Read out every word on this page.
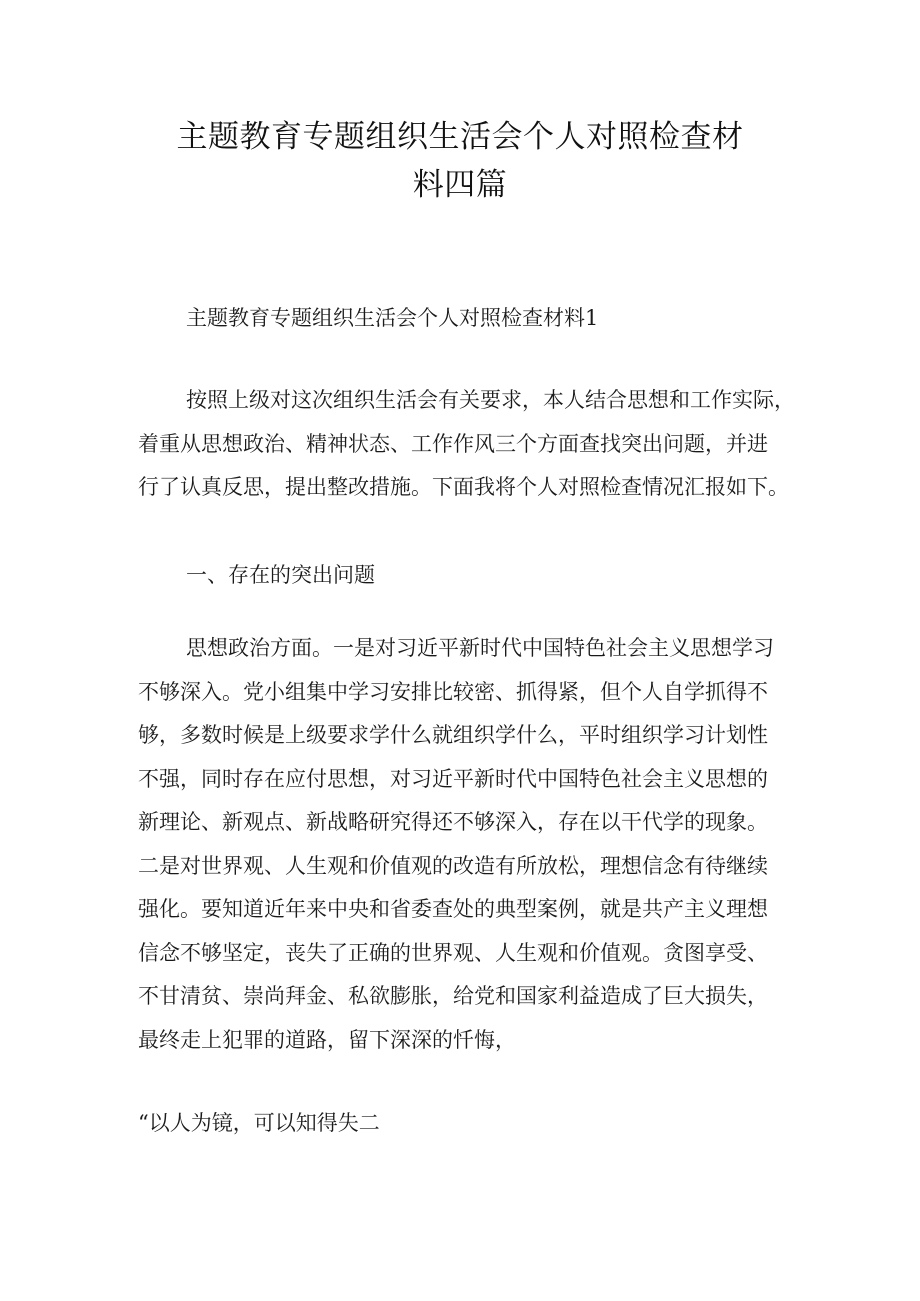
主题教育专题组织生活会个人对照检查材
料四篇

主题教育专题组织生活会个人对照检查材料1

按照上级对这次组织生活会有关要求，本人结合思想和工作实际，
着重从思想政治、精神状态、工作作风三个方面查找突出问题，并进
行了认真反思，提出整改措施。下面我将个人对照检查情况汇报如下。

一、存在的突出问题

思想政治方面。一是对习近平新时代中国特色社会主义思想学习
不够深入。党小组集中学习安排比较密、抓得紧，但个人自学抓得不
够，多数时候是上级要求学什么就组织学什么，平时组织学习计划性
不强，同时存在应付思想，对习近平新时代中国特色社会主义思想的
新理论、新观点、新战略研究得还不够深入，存在以干代学的现象。
二是对世界观、人生观和价值观的改造有所放松，理想信念有待继续
强化。要知道近年来中央和省委查处的典型案例，就是共产主义理想
信念不够坚定，丧失了正确的世界观、人生观和价值观。贪图享受、
不甘清贫、崇尚拜金、私欲膨胀，给党和国家利益造成了巨大损失，
最终走上犯罪的道路，留下深深的忏悔，

“以人为镜，可以知得失二
